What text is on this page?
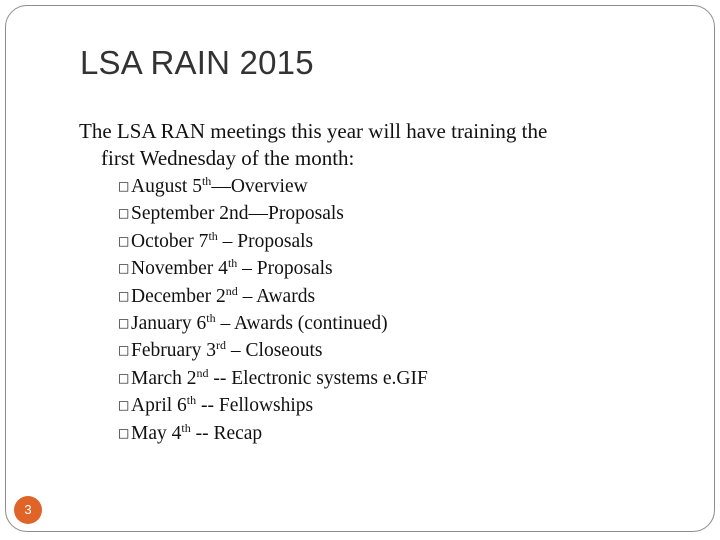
LSA RAIN 2015
The LSA RAN meetings this year will have training the
first Wednesday of the month:
□August 5th—Overview
□September 2nd—Proposals
□October 7th – Proposals
□November 4th – Proposals
□December 2nd – Awards
□January 6th – Awards (continued)
□February 3rd – Closeouts
□March 2nd -- Electronic systems e.GIF
□April 6th -- Fellowships
□May 4th -- Recap
3
